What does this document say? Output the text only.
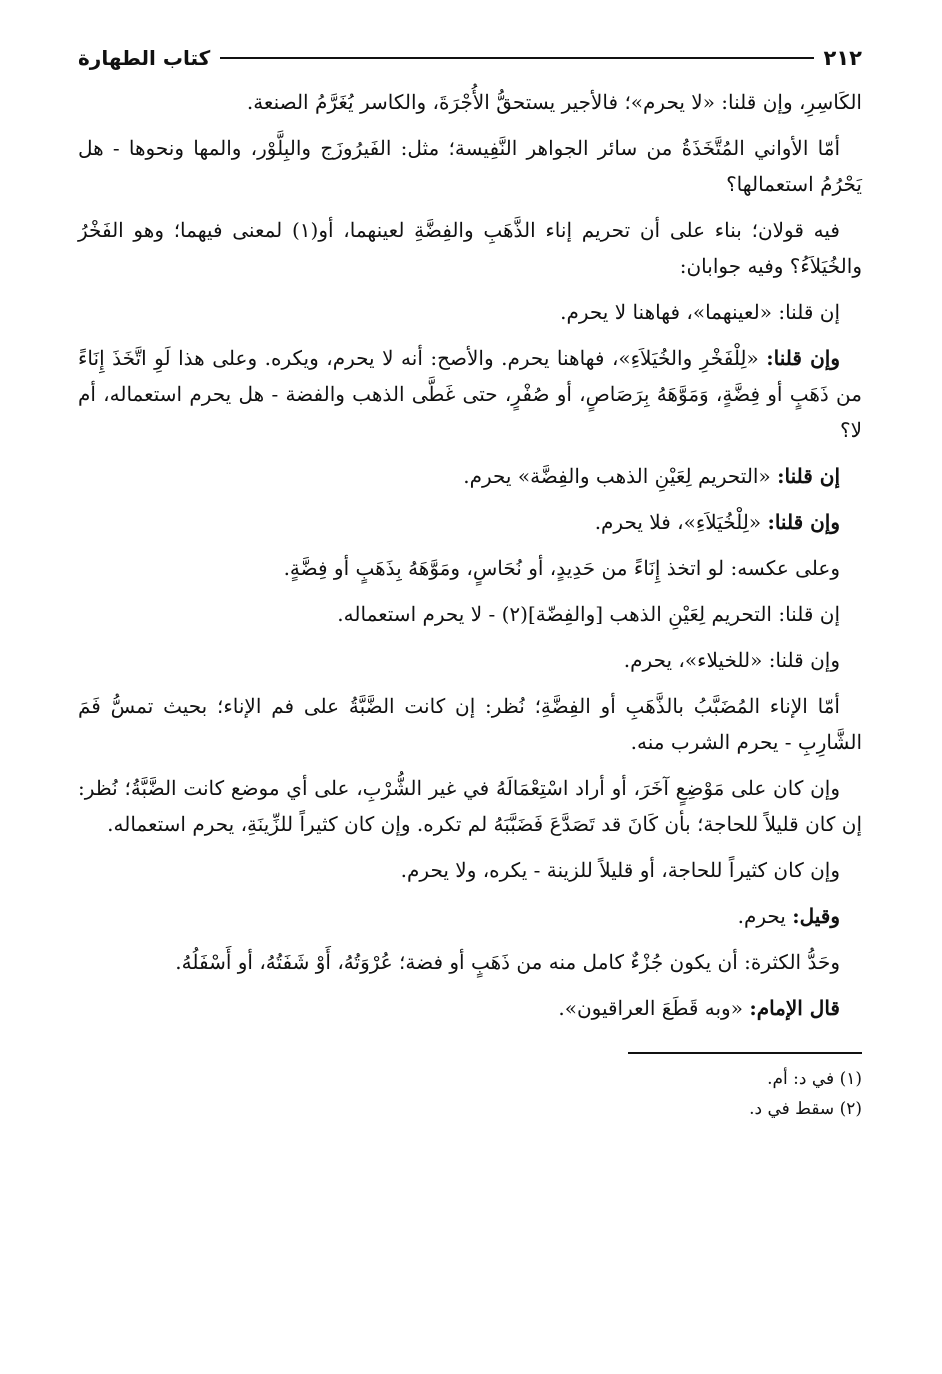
٢١٢
كتاب الطهارة

الكَاسِرِ، وإن قلنا: «لا يحرم»؛ فالأجير يستحقُّ الأُجْرَةَ، والكاسر يُغَرَّمُ الصنعة.

أمّا الأواني المُتَّخَذَةُ من سائر الجواهر النَّفِيسة؛ مثل: الفَيرُوزَج والبِلَّوْر، والمها ونحوها - هل يَحْرُمُ استعمالها؟

فيه قولان؛ بناء على أن تحريم إناء الذَّهَبِ والفِضَّةِ لعينهما، أو(١) لمعنى فيهما؛ وهو الفَخْرُ والخُيَلاَءُ؟ وفيه جوابان:

إن قلنا: «لعينهما»، فهاهنا لا يحرم.

وإن قلنا: «لِلْفَخْرِ والخُيَلاَءِ»، فهاهنا يحرم. والأصح: أنه لا يحرم، ويكره. وعلى هذا لَوِ اتَّخَذَ إِنَاءً من ذَهَبٍ أو فِضَّةٍ، وَمَوَّهَهُ بِرَصَاصٍ، أو صُفْرٍ، حتى غَطَّى الذهب والفضة - هل يحرم استعماله، أم لا؟

إن قلنا: «التحريم لِعَيْنِ الذهب والفِضَّة» يحرم.

وإن قلنا: «لِلْخُيَلاَءِ»، فلا يحرم.

وعلى عكسه: لو اتخذ إِنَاءً من حَدِيدٍ، أو نُحَاسٍ، ومَوَّهَهُ بِذَهَبٍ أو فِضَّةٍ.

إن قلنا: التحريم لِعَيْنِ الذهب [والفِضّة](٢) - لا يحرم استعماله.

وإن قلنا: «للخيلاء»، يحرم.

أمّا الإناء المُضَبَّبُ بالذَّهَبِ أو الفِضَّةِ؛ نُظر: إن كانت الضَّبَّةُ على فم الإناء؛ بحيث تمسُّ فَمَ الشَّارِبِ - يحرم الشرب منه.

وإن كان على مَوْضِعٍ آخَرَ، أو أراد اسْتِعْمَالَهُ في غير الشُّرْبِ، على أي موضع كانت الضَّبَّةُ؛ نُظر: إن كان قليلاً للحاجة؛ بأن كَانَ قد تَصَدَّعَ فَضَبَّبَهُ لم تكره. وإن كان كثيراً للزِّينَةِ، يحرم استعماله.

وإن كان كثيراً للحاجة، أو قليلاً للزينة - يكره، ولا يحرم.

وقيل: يحرم.

وحَدُّ الكثرة: أن يكون جُزْءٌ كامل منه من ذَهَبٍ أو فضة؛ عُرْوَتُهُ، أَوْ شَفَتُهُ، أو أَسْفَلُهُ.

قال الإمام: «وبه قَطَعَ العراقيون».

(١) في د: أم.

(٢) سقط في د.
